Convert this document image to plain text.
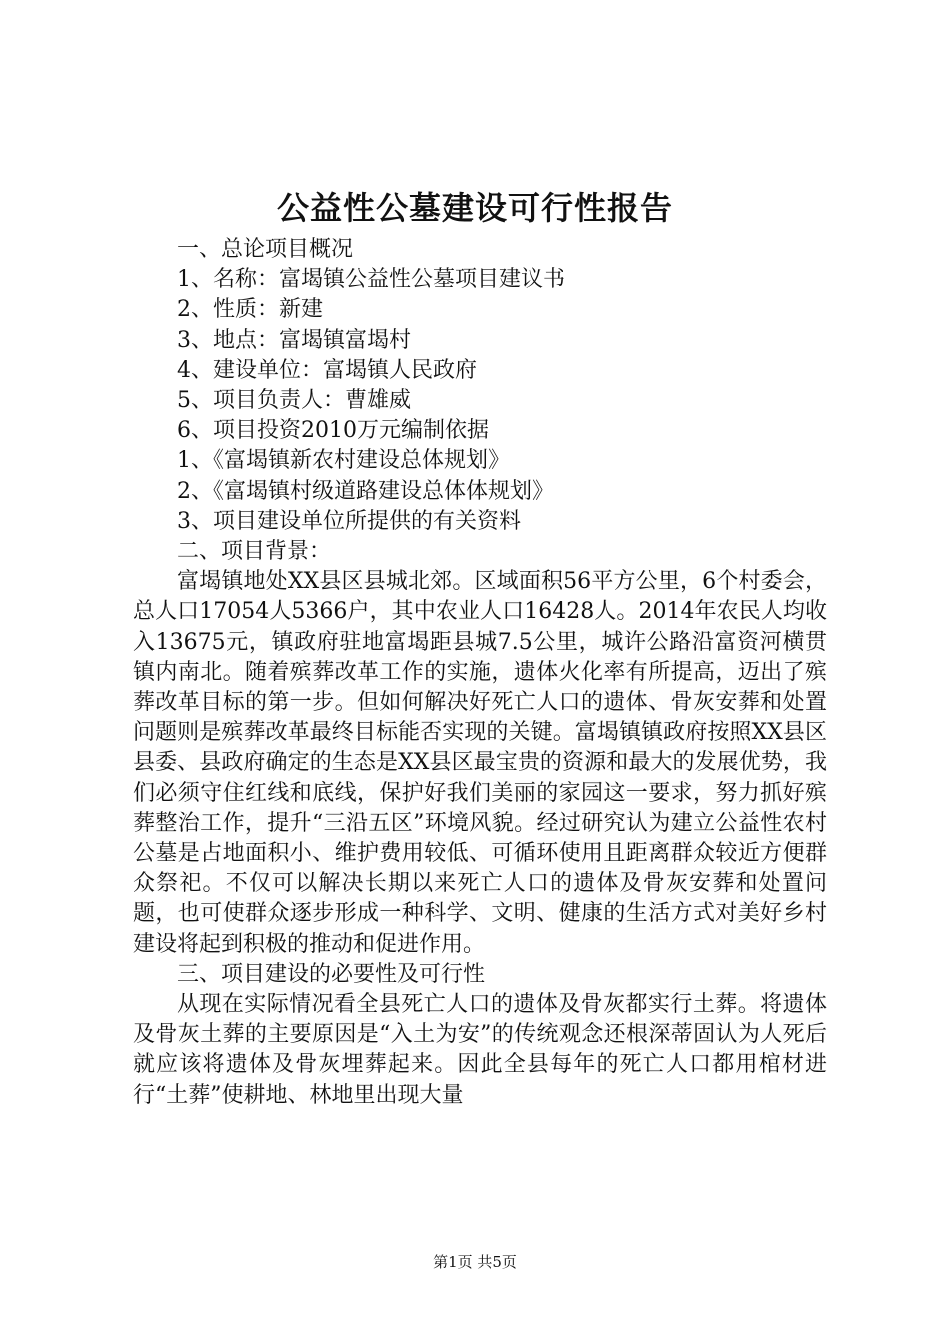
公益性公墓建设可行性报告
一、总论项目概况
1、名称：富堨镇公益性公墓项目建议书
2、性质：新建
3、地点：富堨镇富堨村
4、建设单位：富堨镇人民政府
5、项目负责人：曹雄威
6、项目投资2010万元编制依据
1、《富堨镇新农村建设总体规划》
2、《富堨镇村级道路建设总体体规划》
3、项目建设单位所提供的有关资料
二、项目背景：
富堨镇地处XX县区县城北郊。区域面积56平方公里，6个村委会，总人口17054人5366户，其中农业人口16428人。2014年农民人均收入13675元，镇政府驻地富堨距县城7.5公里，城许公路沿富资河横贯镇内南北。随着殡葬改革工作的实施，遗体火化率有所提高，迈出了殡葬改革目标的第一步。但如何解决好死亡人口的遗体、骨灰安葬和处置问题则是殡葬改革最终目标能否实现的关键。富堨镇镇政府按照XX县区县委、县政府确定的生态是XX县区最宝贵的资源和最大的发展优势，我们必须守住红线和底线，保护好我们美丽的家园这一要求，努力抓好殡葬整治工作，提升“三沿五区”环境风貌。经过研究认为建立公益性农村公墓是占地面积小、维护费用较低、可循环使用且距离群众较近方便群众祭祀。不仅可以解决长期以来死亡人口的遗体及骨灰安葬和处置问题，也可使群众逐步形成一种科学、文明、健康的生活方式对美好乡村建设将起到积极的推动和促进作用。
三、项目建设的必要性及可行性
从现在实际情况看全县死亡人口的遗体及骨灰都实行土葬。将遗体及骨灰土葬的主要原因是“入土为安”的传统观念还根深蒂固认为人死后就应该将遗体及骨灰埋葬起来。因此全县每年的死亡人口都用棺材进行“土葬”使耕地、林地里出现大量
第1页 共5页
